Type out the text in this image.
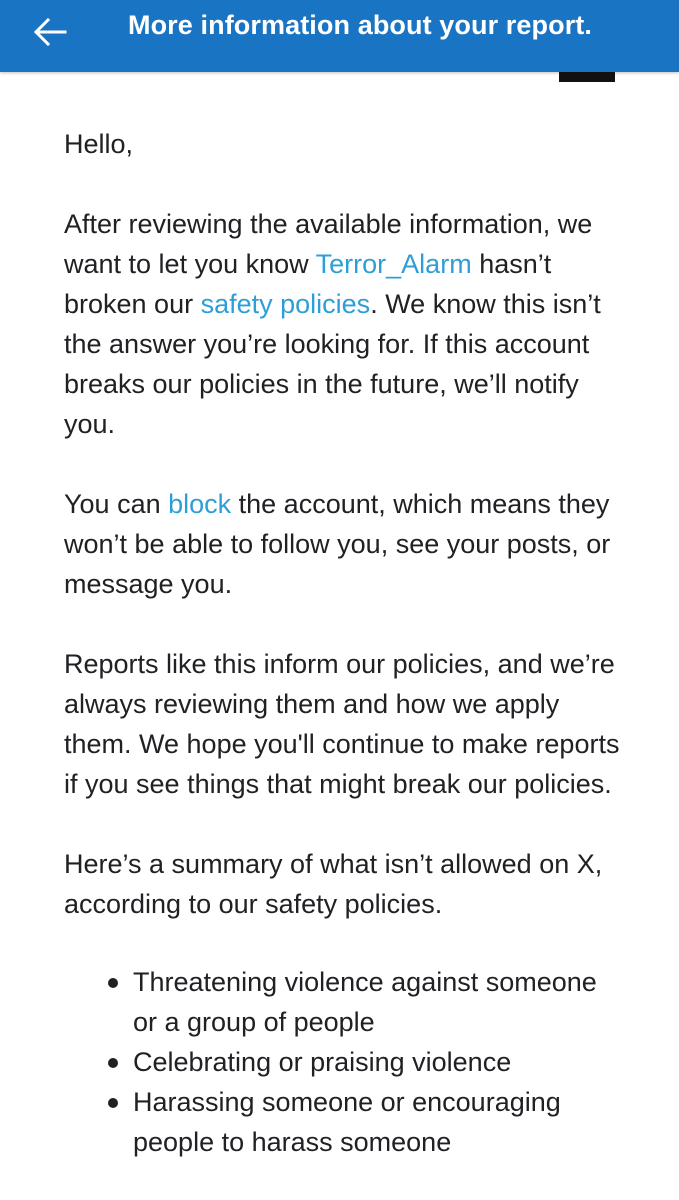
More information about your report.

Hello,

After reviewing the available information, we want to let you know Terror_Alarm hasn’t broken our safety policies. We know this isn’t the answer you’re looking for. If this account breaks our policies in the future, we’ll notify you.

You can block the account, which means they won’t be able to follow you, see your posts, or message you.

Reports like this inform our policies, and we’re always reviewing them and how we apply them. We hope you'll continue to make reports if you see things that might break our policies.

Here’s a summary of what isn’t allowed on X, according to our safety policies.

Threatening violence against someone or a group of people
Celebrating or praising violence
Harassing someone or encouraging people to harass someone
